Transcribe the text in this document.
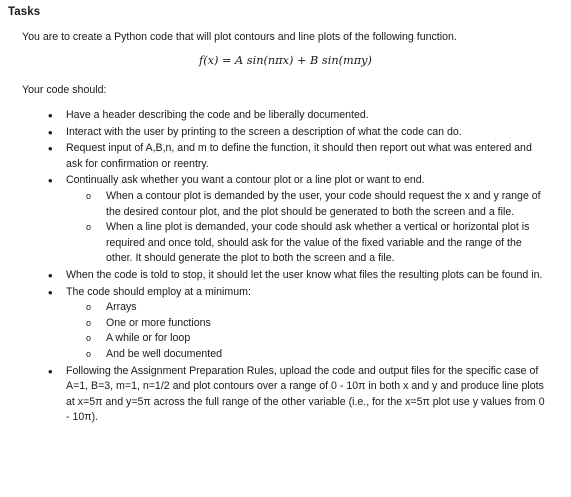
Tasks
You are to create a Python code that will plot contours and line plots of the following function.
f(x) = A sin(nπx) + B sin(mπy)
Your code should:
• Have a header describing the code and be liberally documented.
• Interact with the user by printing to the screen a description of what the code can do.
• Request input of A,B,n, and m to define the function, it should then report out what was entered and ask for confirmation or reentry.
• Continually ask whether you want a contour plot or a line plot or want to end.
o When a contour plot is demanded by the user, your code should request the x and y range of the desired contour plot, and the plot should be generated to both the screen and a file.
o When a line plot is demanded, your code should ask whether a vertical or horizontal plot is required and once told, should ask for the value of the fixed variable and the range of the other. It should generate the plot to both the screen and a file.
• When the code is told to stop, it should let the user know what files the resulting plots can be found in.
• The code should employ at a minimum:
o Arrays
o One or more functions
o A while or for loop
o And be well documented
• Following the Assignment Preparation Rules, upload the code and output files for the specific case of A=1, B=3, m=1, n=1/2 and plot contours over a range of 0 - 10π in both x and y and produce line plots at x=5π and y=5π across the full range of the other variable (i.e., for the x=5π plot use y values from 0 - 10π).
